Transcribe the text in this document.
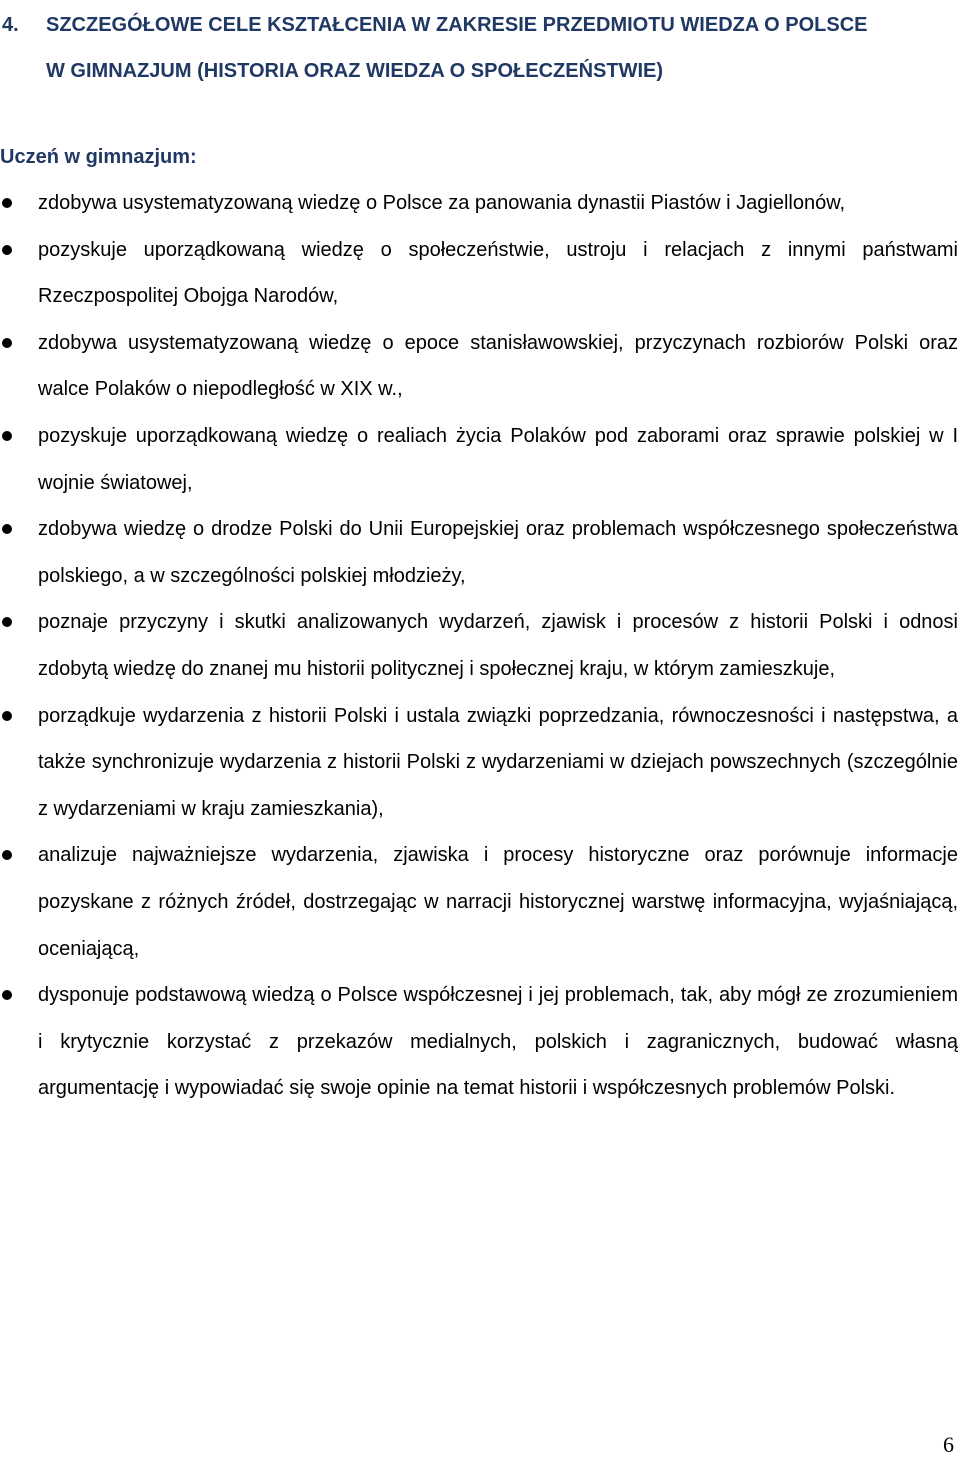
4. SZCZEGÓŁOWE CELE KSZTAŁCENIA W ZAKRESIE PRZEDMIOTU WIEDZA O POLSCE
W GIMNAZJUM (HISTORIA ORAZ WIEDZA O SPOŁECZEŃSTWIE)

Uczeń w gimnazjum:

zdobywa usystematyzowaną wiedzę o Polsce za panowania dynastii Piastów i Jagiellonów,
pozyskuje uporządkowaną wiedzę o społeczeństwie, ustroju i relacjach z innymi państwami Rzeczpospolitej Obojga Narodów,
zdobywa usystematyzowaną wiedzę o epoce stanisławowskiej, przyczynach rozbiorów Polski oraz walce Polaków o niepodległość w XIX w.,
pozyskuje uporządkowaną wiedzę o realiach życia Polaków pod zaborami oraz sprawie polskiej w I wojnie światowej,
zdobywa wiedzę o drodze Polski do Unii Europejskiej oraz problemach współczesnego społeczeństwa polskiego, a w szczególności polskiej młodzieży,
poznaje przyczyny i skutki analizowanych wydarzeń, zjawisk i procesów z historii Polski i odnosi zdobytą wiedzę do znanej mu historii politycznej i społecznej kraju, w którym zamieszkuje,
porządkuje wydarzenia z historii Polski i ustala związki poprzedzania, równoczesności i następstwa, a także synchronizuje wydarzenia z historii Polski z wydarzeniami w dziejach powszechnych (szczególnie z wydarzeniami w kraju zamieszkania),
analizuje najważniejsze wydarzenia, zjawiska i procesy historyczne oraz porównuje informacje pozyskane z różnych źródeł, dostrzegając w narracji historycznej warstwę informacyjna, wyjaśniającą, oceniającą,
dysponuje podstawową wiedzą o Polsce współczesnej i jej problemach, tak, aby mógł ze zrozumieniem i krytycznie korzystać z przekazów medialnych, polskich i zagranicznych, budować własną argumentację i wypowiadać się swoje opinie na temat historii i współczesnych problemów Polski.
6
